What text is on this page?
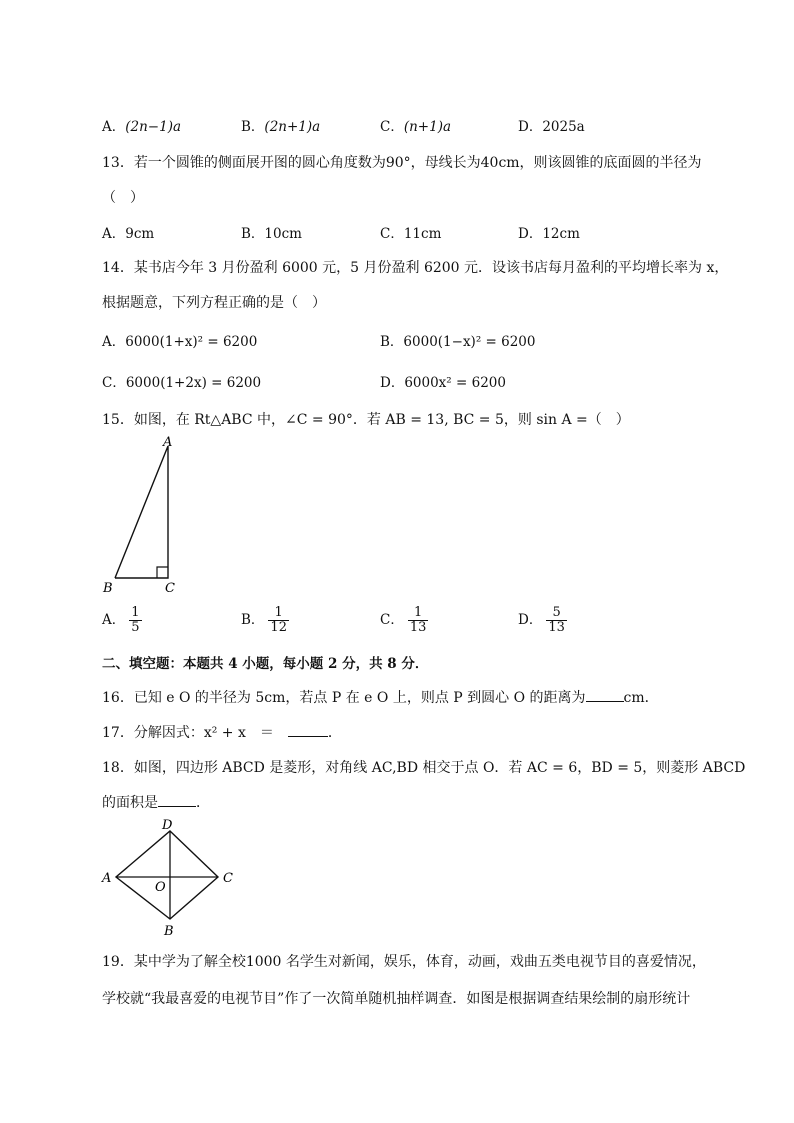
A．(2n−1)a	B．(2n+1)a	C．(n+1)a	D．2025a
13．若一个圆锥的侧面展开图的圆心角度数为90°，母线长为40cm，则该圆锥的底面圆的半径为
（　）
A．9cm	B．10cm	C．11cm	D．12cm
14．某书店今年 3 月份盈利 6000 元，5 月份盈利 6200 元．设该书店每月盈利的平均增长率为 x，
根据题意，下列方程正确的是（　）
A．6000(1+x)² = 6200	B．6000(1−x)² = 6200
C．6000(1+2x) = 6200	D．6000x² = 6200
15．如图，在 Rt△ABC 中，∠C = 90°．若 AB = 13, BC = 5，则 sin A =（　）
A
B	C
A． $\frac{1}{5}$	B． $\frac{1}{12}$	C． $\frac{1}{13}$	D． $\frac{5}{13}$
二、填空题：本题共 4 小题，每小题 2 分，共 8 分．
16．已知 e O 的半径为 5cm，若点 P 在 e O 上，则点 P 到圆心 O 的距离为	cm．
17．分解因式：x² + x　＝　	．
18．如图，四边形 ABCD 是菱形，对角线 AC,BD 相交于点 O．若 AC = 6，BD = 5，则菱形 ABCD
的面积是	．
D
A	C
B
O
19．某中学为了解全校1000 名学生对新闻，娱乐，体育，动画，戏曲五类电视节目的喜爱情况，
学校就“我最喜爱的电视节目”作了一次简单随机抽样调查．如图是根据调查结果绘制的扇形统计
